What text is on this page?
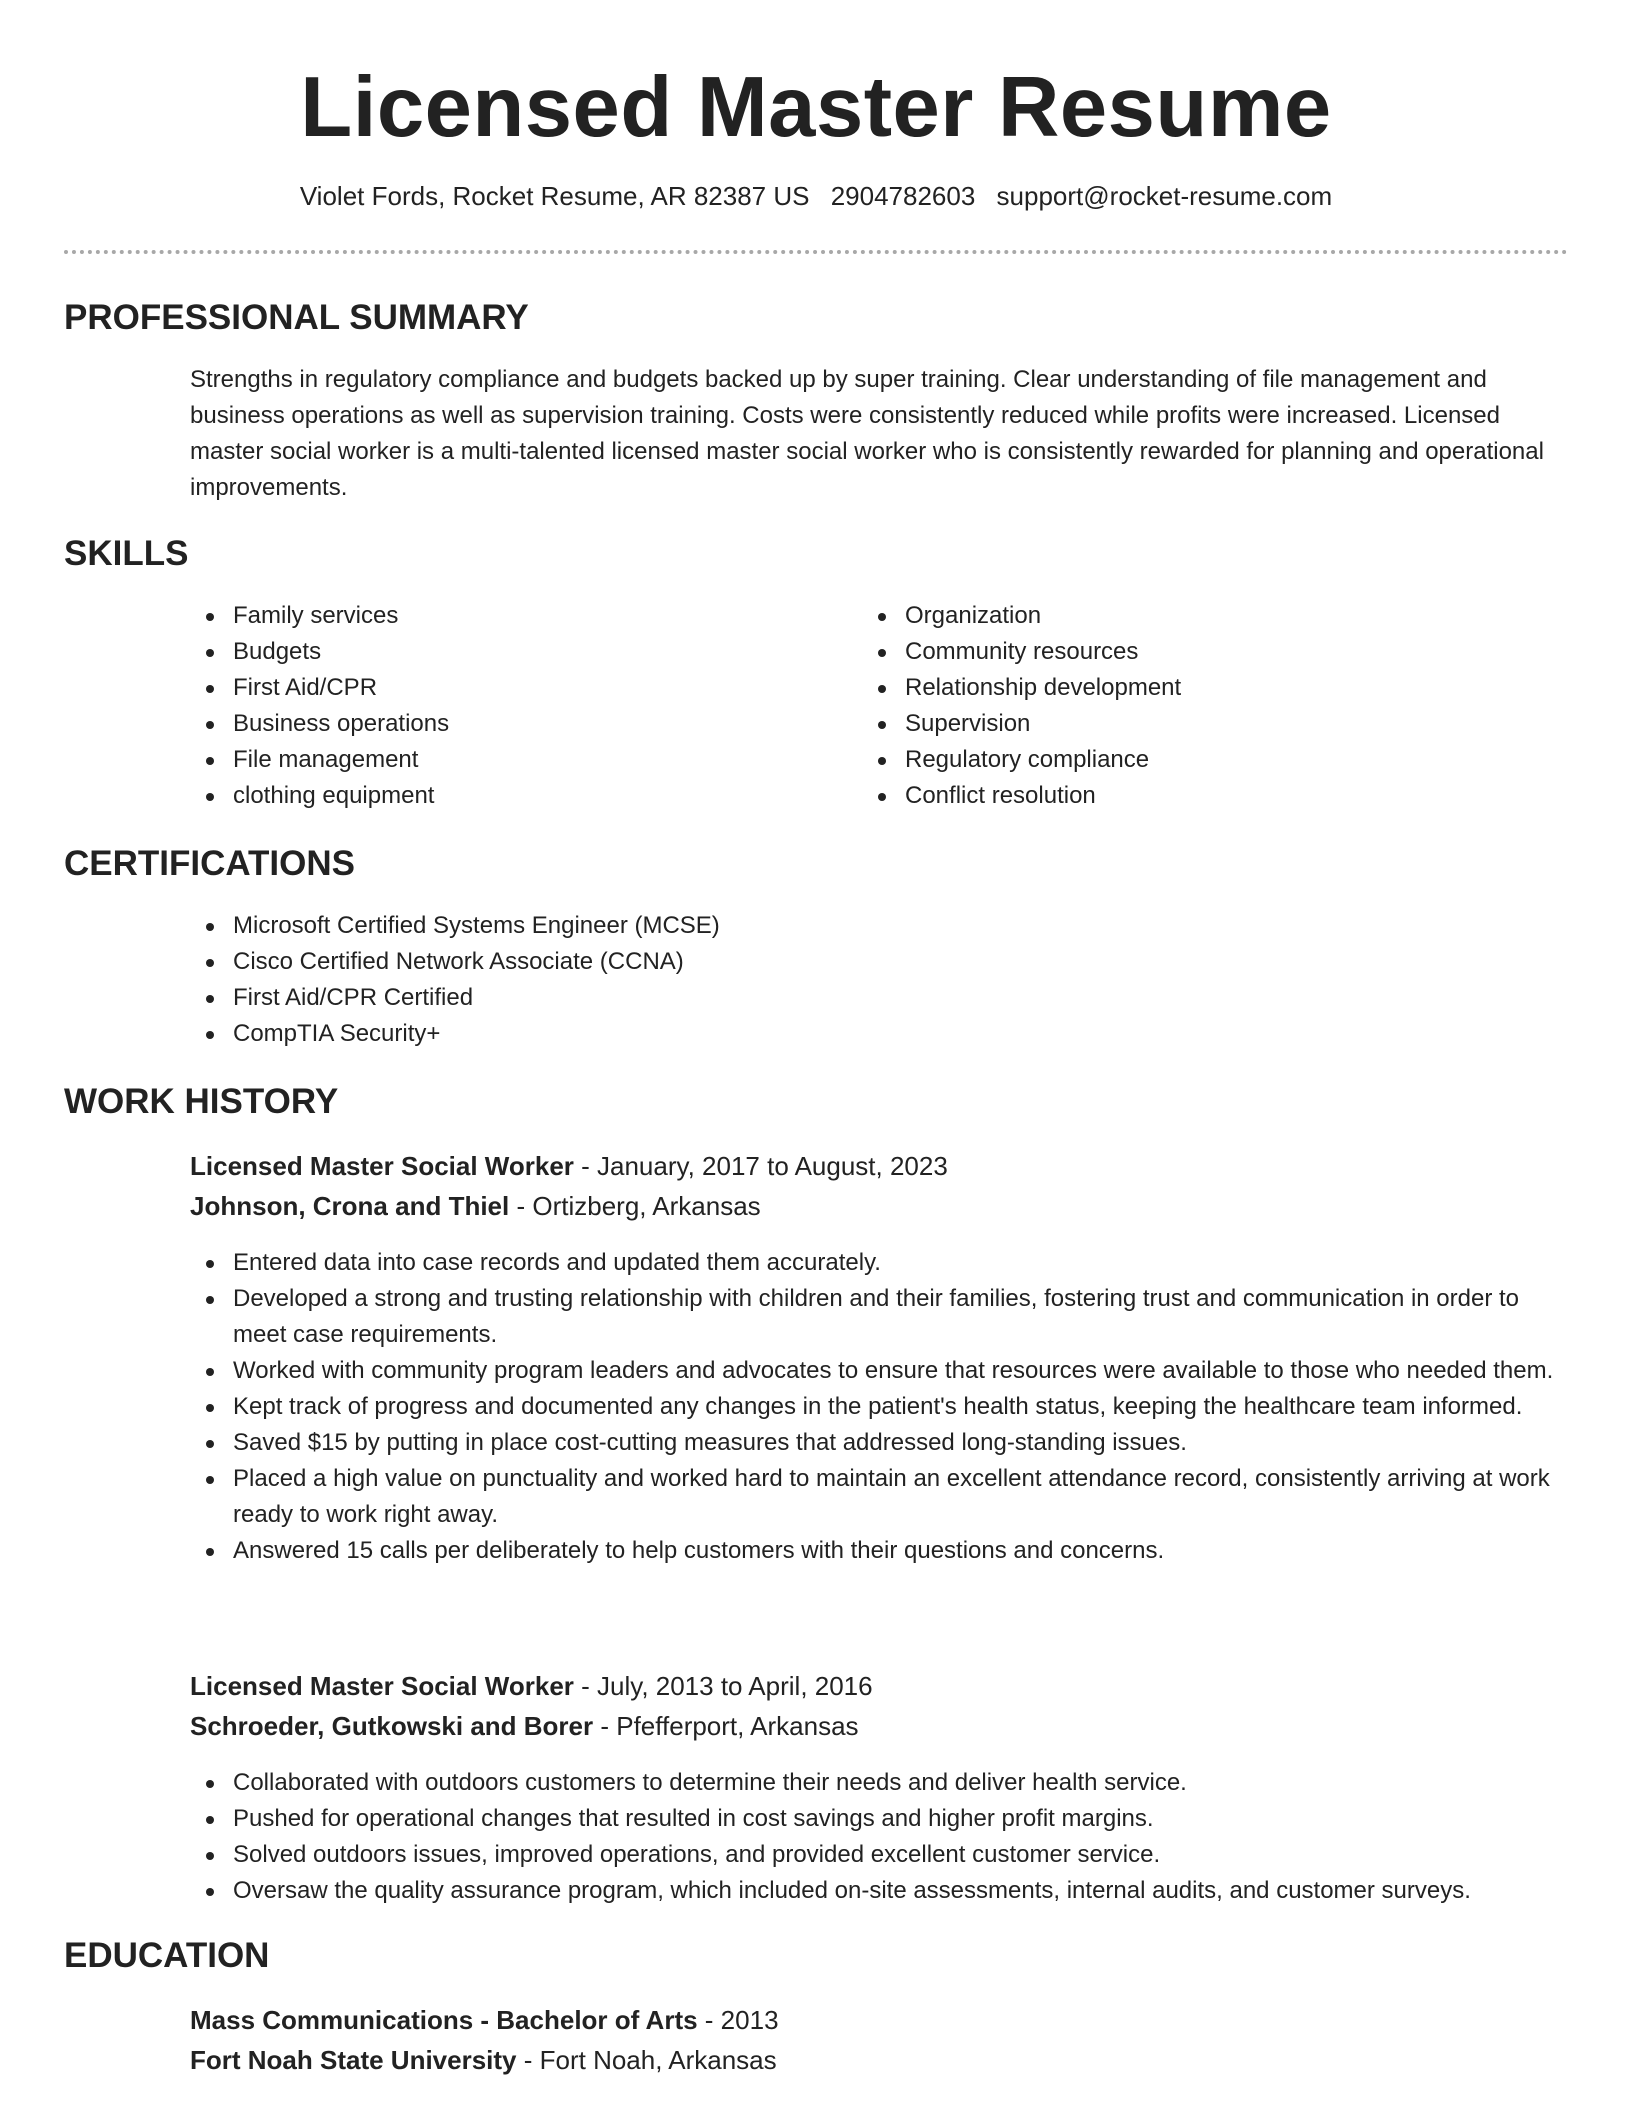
Licensed Master Resume
Violet Fords, Rocket Resume, AR 82387 US 2904782603 support@rocket-resume.com
PROFESSIONAL SUMMARY

Strengths in regulatory compliance and budgets backed up by super training. Clear understanding of file management and business operations as well as supervision training. Costs were consistently reduced while profits were increased. Licensed master social worker is a multi-talented licensed master social worker who is consistently rewarded for planning and operational improvements.

SKILLS
Family services
Budgets
First Aid/CPR
Business operations
File management
clothing equipment
Organization
Community resources
Relationship development
Supervision
Regulatory compliance
Conflict resolution
CERTIFICATIONS
Microsoft Certified Systems Engineer (MCSE)
Cisco Certified Network Associate (CCNA)
First Aid/CPR Certified
CompTIA Security+
WORK HISTORY
Licensed Master Social Worker - January, 2017 to August, 2023
Johnson, Crona and Thiel - Ortizberg, Arkansas
Entered data into case records and updated them accurately.
Developed a strong and trusting relationship with children and their families, fostering trust and communication in order to meet case requirements.
Worked with community program leaders and advocates to ensure that resources were available to those who needed them.
Kept track of progress and documented any changes in the patient's health status, keeping the healthcare team informed.
Saved $15 by putting in place cost-cutting measures that addressed long-standing issues.
Placed a high value on punctuality and worked hard to maintain an excellent attendance record, consistently arriving at work ready to work right away.
Answered 15 calls per deliberately to help customers with their questions and concerns.
Licensed Master Social Worker - July, 2013 to April, 2016
Schroeder, Gutkowski and Borer - Pfefferport, Arkansas
Collaborated with outdoors customers to determine their needs and deliver health service.
Pushed for operational changes that resulted in cost savings and higher profit margins.
Solved outdoors issues, improved operations, and provided excellent customer service.
Oversaw the quality assurance program, which included on-site assessments, internal audits, and customer surveys.
EDUCATION
Mass Communications - Bachelor of Arts - 2013
Fort Noah State University - Fort Noah, Arkansas
